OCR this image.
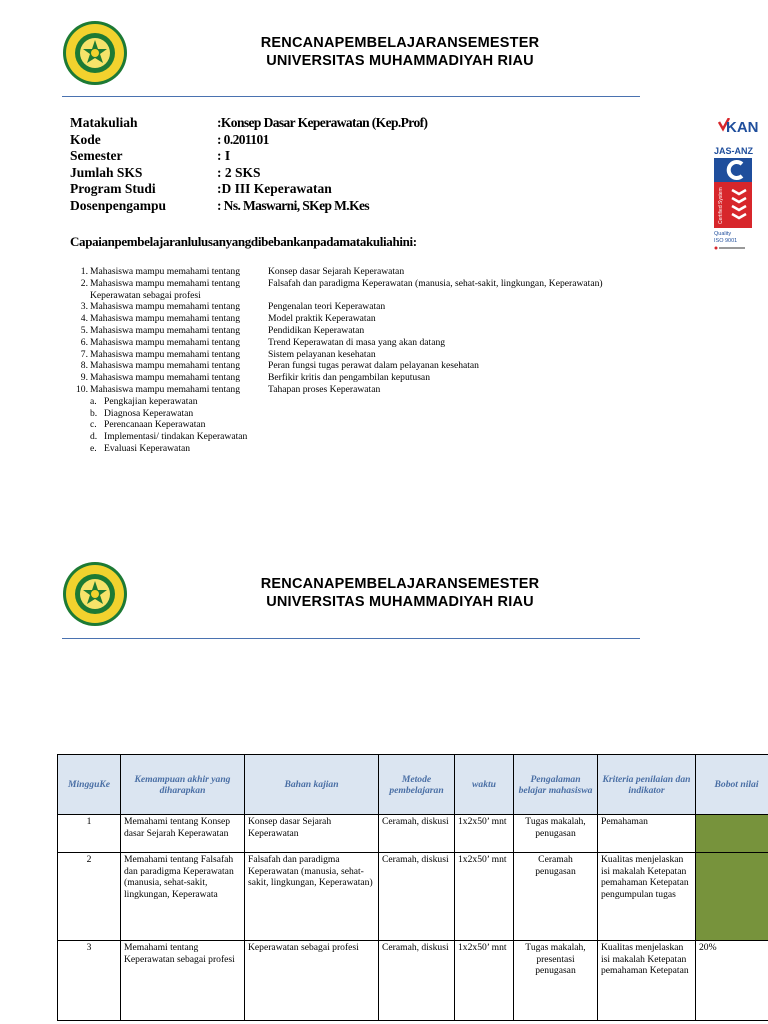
RENCANAPEMBELAJARANSEMESTER
UNIVERSITAS MUHAMMADIYAH RIAU
Matakuliah	:Konsep Dasar Keperawatan (Kep.Prof)
Kode	: 0.201101
Semester	: I
Jumlah SKS	: 2 SKS
Program Studi	:D III Keperawatan
Dosenpengampu	: Ns. Maswarni, SKep M.Kes
Capaianpembelajaranlulusanyangdibebankanpadamatakuliahini:
KAN
JAS-ANZ
Certified System
Quality
ISO 9001
1. Mahasiswa mampu memahami tentang	Konsep dasar Sejarah Keperawatan
2. Mahasiswa mampu memahami tentang	Falsafah dan paradigma Keperawatan (manusia, sehat-sakit, lingkungan, Keperawatan)
Keperawatan sebagai profesi
3. Mahasiswa mampu memahami tentang	Pengenalan teori Keperawatan
4. Mahasiswa mampu memahami tentang	Model praktik Keperawatan
5. Mahasiswa mampu memahami tentang	Pendidikan Keperawatan
6. Mahasiswa mampu memahami tentang	Trend Keperawatan di masa yang akan datang
7. Mahasiswa mampu memahami tentang	Sistem pelayanan kesehatan
8. Mahasiswa mampu memahami tentang	Peran fungsi tugas perawat dalam pelayanan kesehatan
9. Mahasiswa mampu memahami tentang	Berfikir kritis dan pengambilan keputusan
10. Mahasiswa mampu memahami tentang	Tahapan proses Keperawatan
a. Pengkajian keperawatan
b. Diagnosa Keperawatan
c. Perencanaan Keperawatan
d. Implementasi/ tindakan Keperawatan
e. Evaluasi Keperawatan
RENCANAPEMBELAJARANSEMESTER
UNIVERSITAS MUHAMMADIYAH RIAU
MingguKe	Kemampuan akhir yang diharapkan	Bahan kajian	Metode pembelajaran	waktu	Pengalaman belajar mahasiswa	Kriteria penilaian dan indikator	Bobot nilai
1	Memahami tentang Konsep dasar Sejarah Keperawatan	Konsep dasar Sejarah Keperawatan	Ceramah, diskusi	1x2x50’ mnt	Tugas makalah, penugasan	Pemahaman	
2	Memahami tentang Falsafah dan paradigma Keperawatan (manusia, sehat-sakit, lingkungan, Keperawata	Falsafah dan paradigma Keperawatan (manusia, sehat-sakit, lingkungan, Keperawatan)	Ceramah, diskusi	1x2x50’ mnt	Ceramah penugasan	Kualitas menjelaskan isi makalah Ketepatan pemahaman Ketepatan pengumpulan tugas	
3	Memahami tentang Keperawatan sebagai profesi	Keperawatan sebagai profesi	Ceramah, diskusi	1x2x50’ mnt	Tugas makalah, presentasi penugasan	Kualitas menjelaskan isi makalah Ketepatan pemahaman Ketepatan	20%
